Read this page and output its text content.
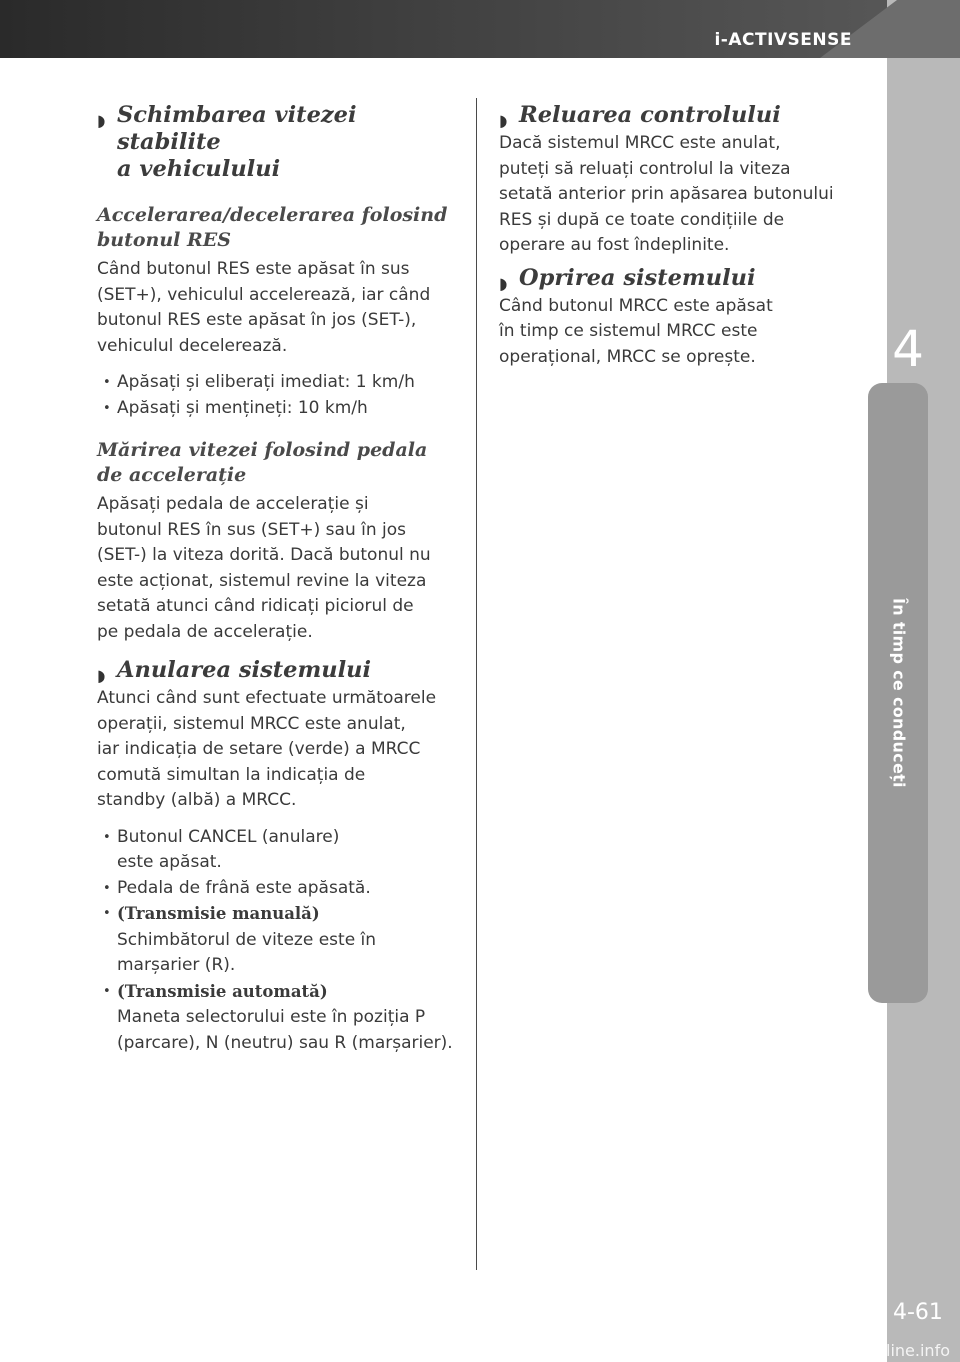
i-ACTIVSENSE
4
În timp ce conduceți
◗ Schimbarea vitezei stabilite
a vehiculului
Accelerarea/decelerarea folosind
butonul RES

Când butonul RES este apăsat în sus
(SET+), vehiculul accelerează, iar când
butonul RES este apăsat în jos (SET-),
vehiculul decelerează.

• Apăsați și eliberați imediat: 1 km/h
• Apăsați și mențineți: 10 km/h
Mărirea vitezei folosind pedala
de accelerație

Apăsați pedala de accelerație și
butonul RES în sus (SET+) sau în jos
(SET-) la viteza dorită. Dacă butonul nu
este acționat, sistemul revine la viteza
setată atunci când ridicați piciorul de
pe pedala de accelerație.

◗ Anularea sistemului

Atunci când sunt efectuate următoarele
operații, sistemul MRCC este anulat,
iar indicația de setare (verde) a MRCC
comută simultan la indicația de
standby (albă) a MRCC.

• Butonul CANCEL (anulare)
este apăsat.
• Pedala de frână este apăsată.
• (Transmisie manuală)
Schimbătorul de viteze este în
marșarier (R).
• (Transmisie automată)
Maneta selectorului este în poziția P
(parcare), N (neutru) sau R (marșarier).
◗ Reluarea controlului

Dacă sistemul MRCC este anulat,
puteți să reluați controlul la viteza
setată anterior prin apăsarea butonului
RES și după ce toate condițiile de
operare au fost îndeplinite.

◗ Oprirea sistemului

Când butonul MRCC este apăsat
în timp ce sistemul MRCC este
operațional, MRCC se oprește.

4-61
carmanualsonline.info
